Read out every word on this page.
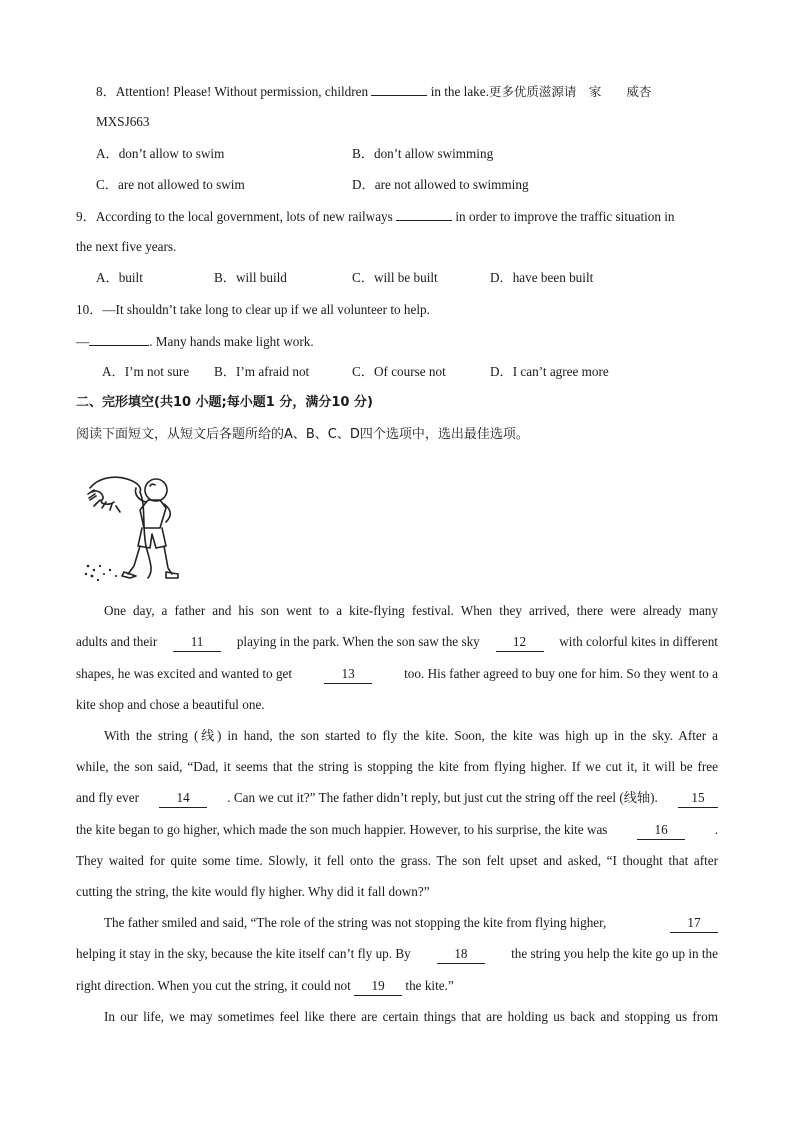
8．Attention! Please! Without permission, children	in the lake.更多优质滋源请　家　　威杏
MXSJ663
A．don’t allow to swim	B．don’t allow swimming
C．are not allowed to swim	D．are not allowed to swimming
9．According to the local government, lots of new railways	in order to improve the traffic situation in
the next five years.
A．built	B．will build	C．will be built	D．have been built
10．—It shouldn’t take long to clear up if we all volunteer to help.
—	. Many hands make light work.
A．I’m not sure B．I’m afraid not	C．Of course not	D．I can’t agree more
二、完形填空(共10 小题;每小题1 分，满分10 分)
阅读下面短文，从短文后各题所给的A、B、C、D四个选项中，选出最佳选项。
One day, a father and his son went to a kite-flying festival. When they arrived, there were already many
adults and their	11	playing in the park. When the son saw the sky	12	with colorful kites in different
shapes, he was excited and wanted to get	13	too. His father agreed to buy one for him. So they went to a
kite shop and chose a beautiful one.
With the string (线) in hand, the son started to fly the kite. Soon, the kite was high up in the sky. After a
while, the son said, “Dad, it seems that the string is stopping the kite from flying higher. If we cut it, it will be free
and fly ever	14	. Can we cut it?” The father didn’t reply, but just cut the string off the reel (线轴).	15
the kite began to go higher, which made the son much happier. However, to his surprise, the kite was	16	.
They waited for quite some time. Slowly, it fell onto the grass. The son felt upset and asked, “I thought that after
cutting the string, the kite would fly higher. Why did it fall down?”
The father smiled and said, “The role of the string was not stopping the kite from flying higher,	17
helping it stay in the sky, because the kite itself can’t fly up. By	18	the string you help the kite go up in the
right direction. When you cut the string, it could not 19 the kite.”
In our life, we may sometimes feel like there are certain things that are holding us back and stopping us from
